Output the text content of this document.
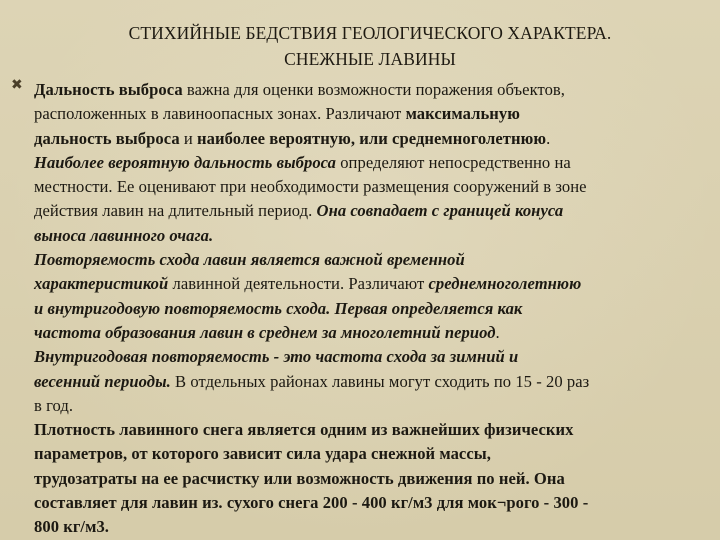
СТИХИЙНЫЕ БЕДСТВИЯ ГЕОЛОГИЧЕСКОГО ХАРАКТЕРА.
СНЕЖНЫЕ ЛАВИНЫ
✖ Дальность выброса важна для оценки возможности поражения объектов,
расположенных в лавиноопасных зонах. Различают максимальную
дальность выброса и наиболее вероятную, или среднемноголетнюю.
Наиболее вероятную дальность выброса определяют непосредственно на
местности. Ее оценивают при необходимости размещения сооружений в зоне
действия лавин на длительный период. Она совпадает с границей конуса
выноса лавинного очага.
Повторяемость схода лавин является важной временной
характеристикой лавинной деятельности. Различают среднемноголетнюю
и внутригодовую повторяемость схода. Первая определяется как
частота образования лавин в среднем за многолетний период.
Внутригодовая повторяемость - это частота схода за зимний и
весенний периоды. В отдельных районах лавины могут сходить по 15 - 20 раз
в год.
Плотность лавинного снега является одним из важнейших физических
параметров, от которого зависит сила удара снежной массы,
трудозатраты на ее расчистку или возможность движения по ней. Она
составляет для лавин из. сухого снега 200 - 400 кг/м3 для мок¬рого - 300 -
800 кг/м3.
